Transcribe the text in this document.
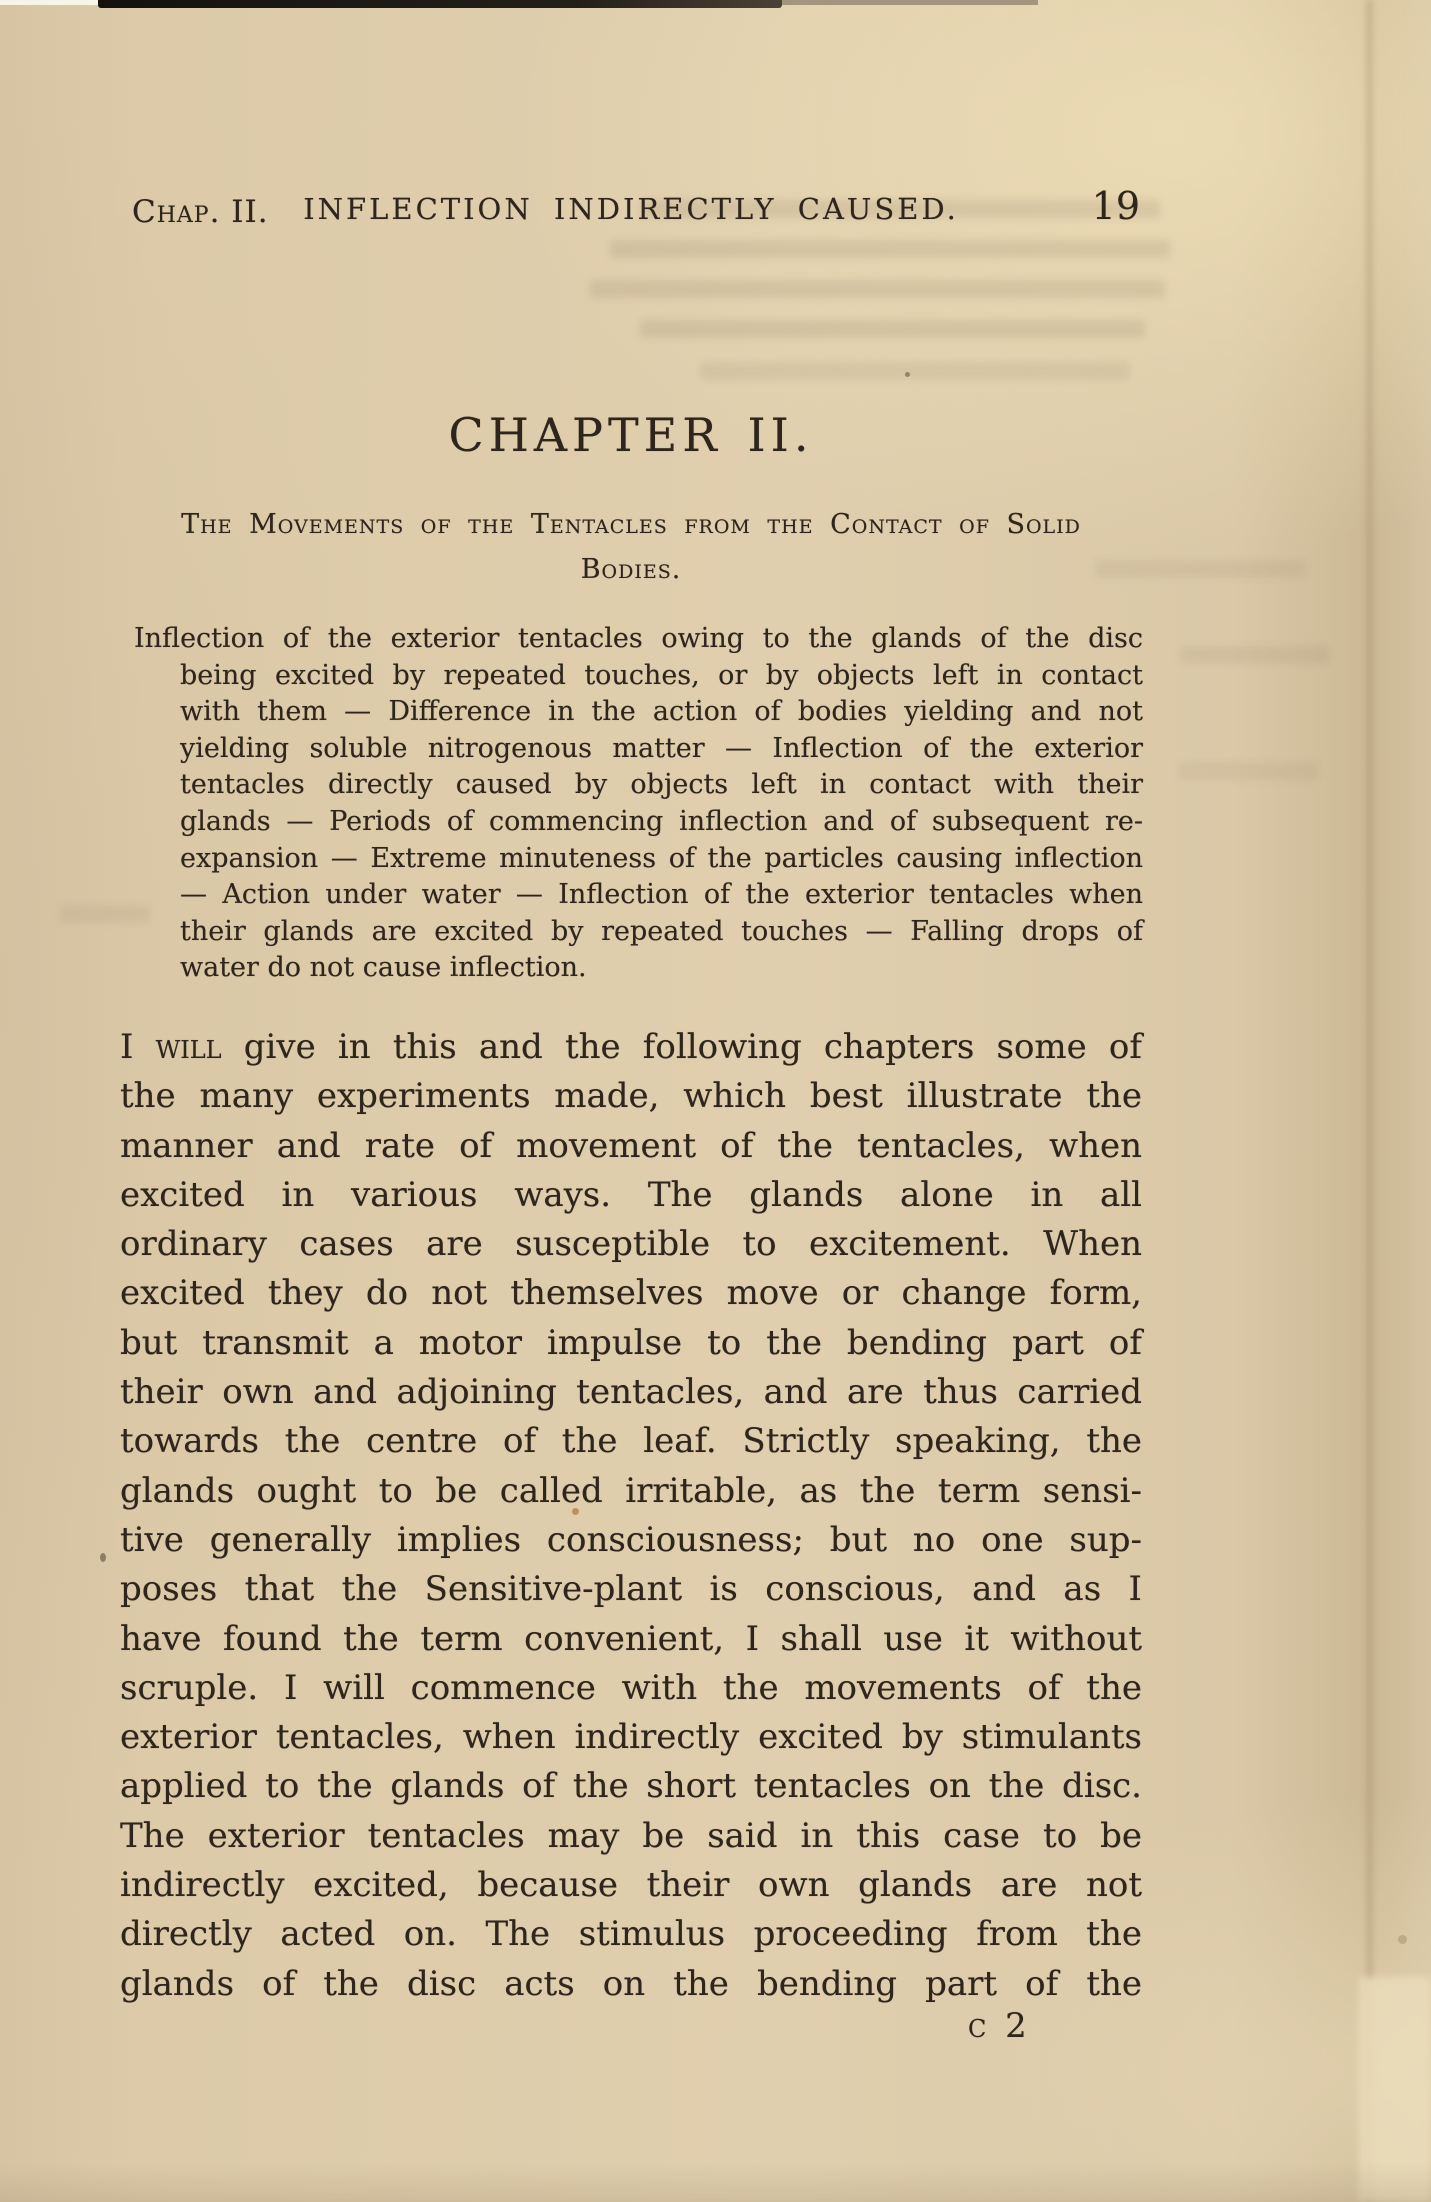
Chap. II.	INFLECTION INDIRECTLY CAUSED.	19
CHAPTER II.
The Movements of the Tentacles from the Contact of Solid
Bodies.
Inflection of the exterior tentacles owing to the glands of the disc
being excited by repeated touches, or by objects left in contact
with them — Difference in the action of bodies yielding and not
yielding soluble nitrogenous matter — Inflection of the exterior
tentacles directly caused by objects left in contact with their
glands — Periods of commencing inflection and of subsequent re-
expansion — Extreme minuteness of the particles causing inflection
— Action under water — Inflection of the exterior tentacles when
their glands are excited by repeated touches — Falling drops of
water do not cause inflection.
I will give in this and the following chapters some of
the many experiments made, which best illustrate the
manner and rate of movement of the tentacles, when
excited in various ways. The glands alone in all
ordinary cases are susceptible to excitement. When
excited they do not themselves move or change form,
but transmit a motor impulse to the bending part of
their own and adjoining tentacles, and are thus carried
towards the centre of the leaf. Strictly speaking, the
glands ought to be called irritable, as the term sensi-
tive generally implies consciousness; but no one sup-
poses that the Sensitive-plant is conscious, and as I
have found the term convenient, I shall use it without
scruple. I will commence with the movements of the
exterior tentacles, when indirectly excited by stimulants
applied to the glands of the short tentacles on the disc.
The exterior tentacles may be said in this case to be
indirectly excited, because their own glands are not
directly acted on. The stimulus proceeding from the
glands of the disc acts on the bending part of the
c 2
